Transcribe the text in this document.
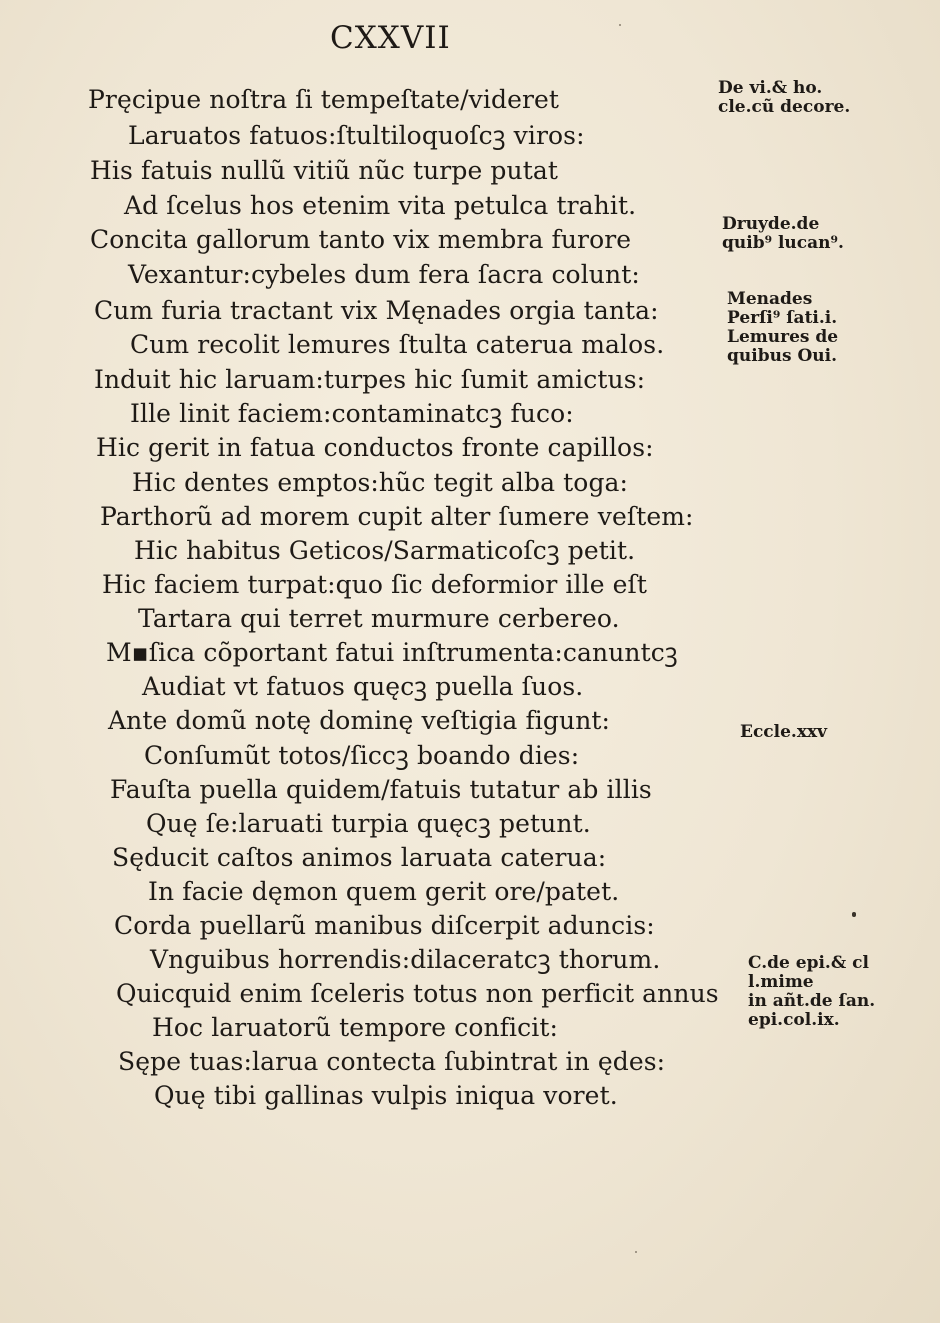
CXXVII
Pręcipue noſtra ſi tempeſtate/videret
Laruatos fatuos:ſtultiloquoſcꝫ viros:
His fatuis nullũ vitiũ nũc turpe putat
Ad ſcelus hos etenim vita petulca trahit.
Concita gallorum tanto vix membra furore
Vexantur:cybeles dum fera ſacra colunt:
Cum furia tractant vix Męnades orgia tanta:
Cum recolit lemures ſtulta caterua malos.
Induit hic laruam:turpes hic ſumit amictus:
Ille linit faciem:contaminatcꝫ fuco:
Hic gerit in fatua conductos fronte capillos:
Hic dentes emptos:hũc tegit alba toga:
Parthorũ ad morem cupit alter ſumere veſtem:
Hic habitus Geticos/Sarmaticoſcꝫ petit.
Hic faciem turpat:quo ſic deformior ille eſt
Tartara qui terret murmure cerbereo.
M▪ſica cõportant fatui inſtrumenta:canuntcꝫ
Audiat vt fatuos quęcꝫ puella ſuos.
Ante domũ notę dominę veſtigia figunt:
Conſumũt totos/ſiccꝫ boando dies:
Fauſta puella quidem/fatuis tutatur ab illis
Quę ſe:laruati turpia quęcꝫ petunt.
Sęducit caſtos animos laruata caterua:
In facie dęmon quem gerit ore/patet.
Corda puellarũ manibus diſcerpit aduncis:
Vnguibus horrendis:dilaceratcꝫ thorum.
Quicquid enim ſceleris totus non perficit annus
Hoc laruatorũ tempore conficit:
Sępe tuas:larua contecta ſubintrat in ędes:
Quę tibi gallinas vulpis iniqua voret.
De vi.& ho.
cle.cũ decore.
Druyde.de
quib⁹ lucan⁹.
Menades
Perſi⁹ ſati.i.
Lemures de
quibus Oui.
Eccle.xxv
C.de epi.& cl
l.mime
in añt.de ſan.
epi.col.ix.
